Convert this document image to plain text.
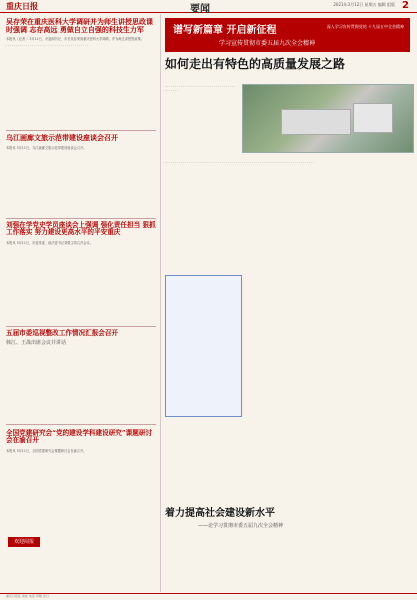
重庆日报	要闻	2021年3月12日 星期五 编辑 组版 2
吴存荣在重庆医科大学调研并为师生讲授思政课时强调 志存高远 勇做自立自强的科技生力军
本报讯（记者 ）3月11日，市委副书记、市长吴存荣到重庆医科大学调研，并为师生讲授思政课。
. . . . . . . . . . . . . . . . . . . . . . . . . . . . . . . . . . . . . . . . .
乌江画廊文旅示范带建设座谈会召开
本报讯 3月11日，乌江画廊文旅示范带建设座谈会召开。
刘强在学党史学员座谈会上强调 强化责任担当 狠抓工作落实 努力建设更高水平的平安重庆
本报讯 3月11日，市委常委、政法委书记刘强主持召开会议。
五届市委巡视整改工作情况汇报会召开
韩江、王战出席会议并讲话
全国党建研究会“党的建设学科建设研究”课题研讨会在渝召开
本报讯 3月11日，全国党建研究会课题研讨会在渝召开。
欢迎阅报
谱写新篇章 开启新征程
学习宣传贯彻市委五届九次全会精神
深入学习宣传贯彻党的 十九届五中全会精神
如何走出有特色的高质量发展之路
. . . . . . . . . . . . . . . . . . . . . . . . . . . . . . . . . . . . . . . . . .
. . . . . . . . . . . . . . . . . . . . . . . . . . . . . . . . . . . . . . . . . . . . . . . . . . . . . . . . . . . . . . . . . . . . . . . . . .
着力提高社会建设新水平
——论学习贯彻市委五届九次全会精神
重庆日报社 地址 电话 印刷 发行
